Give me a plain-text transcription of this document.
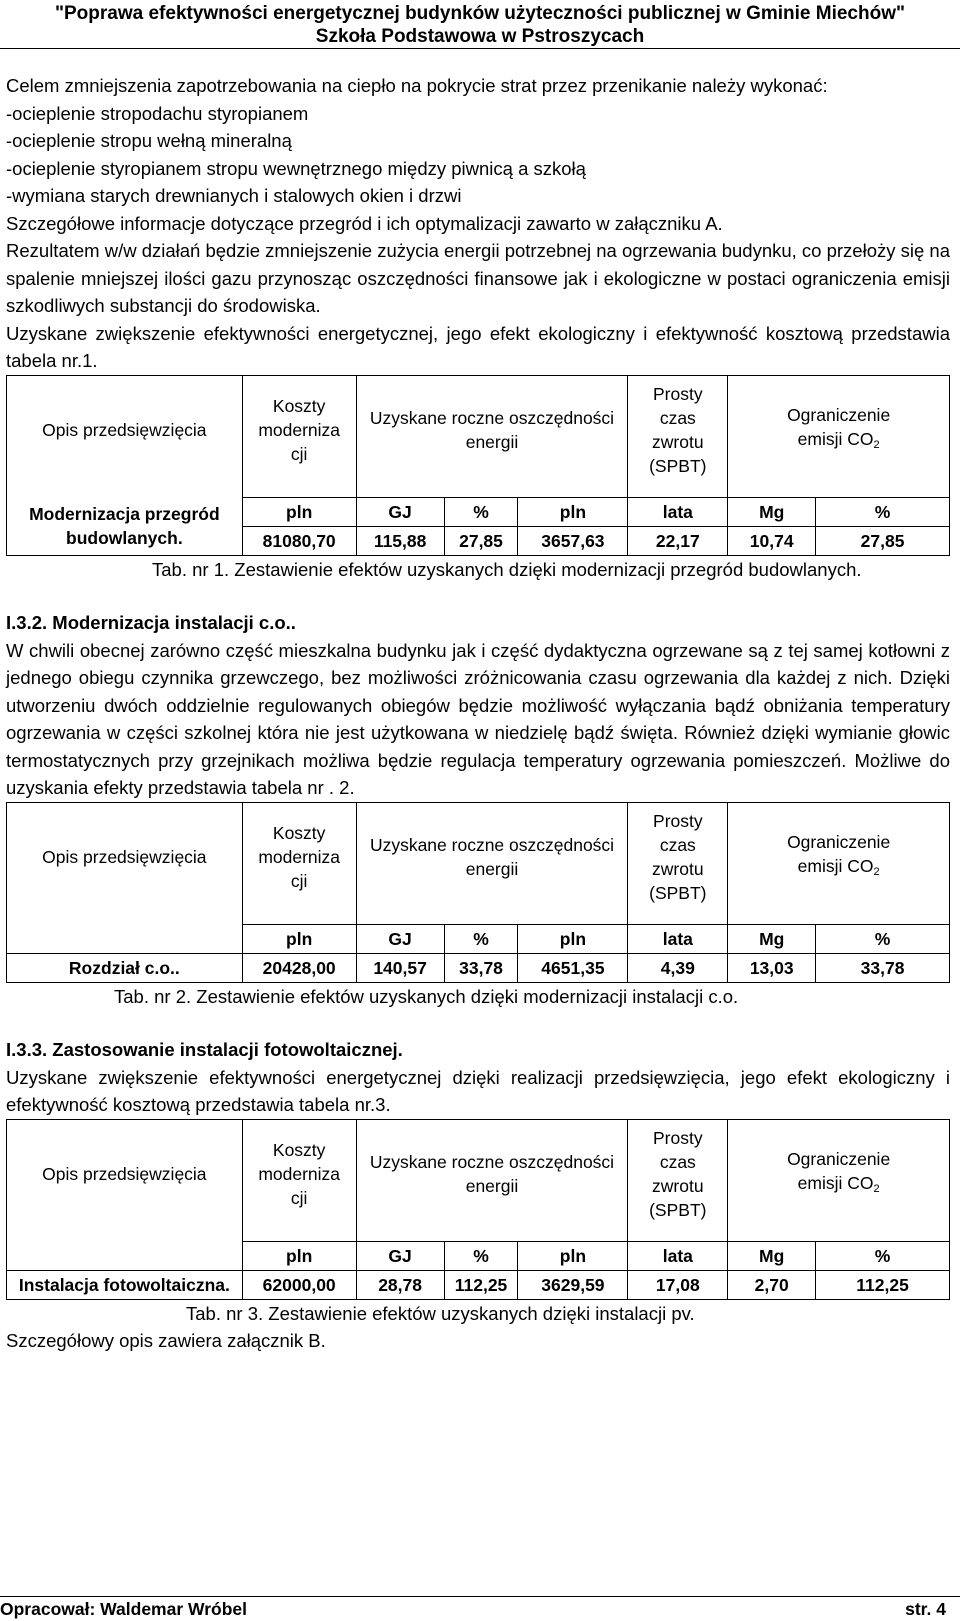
"Poprawa efektywności energetycznej budynków użyteczności publicznej w Gminie Miechów"
Szkoła Podstawowa w Pstroszycach

Celem zmniejszenia zapotrzebowania na ciepło na pokrycie strat przez przenikanie należy wykonać:

-ocieplenie stropodachu styropianem

-ocieplenie stropu wełną mineralną

-ocieplenie styropianem stropu wewnętrznego między piwnicą a szkołą

-wymiana starych drewnianych i stalowych okien i drzwi

Szczegółowe informacje dotyczące przegród i ich optymalizacji zawarto w załączniku A.

Rezultatem w/w działań będzie zmniejszenie zużycia energii potrzebnej na ogrzewania budynku, co przełoży się na spalenie mniejszej ilości gazu przynosząc oszczędności finansowe jak i ekologiczne w postaci ograniczenia emisji szkodliwych substancji do środowiska.

Uzyskane zwiększenie efektywności energetycznej, jego efekt ekologiczny i efektywność kosztową przedstawia tabela nr.1.

Opis przedsięwzięcia	Koszty
moderniza
cji	Uzyskane roczne oszczędności
energii			Prosty
czas
zwrotu
(SPBT)	Ograniczenie
emisji $CO_2$

Modernizacja przegród
budowlanych.	pln	GJ	%	pln	lata	Mg	%
	81080,70	115,88	27,85	3657,63	22,17	10,74	27,85

Tab. nr 1. Zestawienie efektów uzyskanych dzięki modernizacji przegród budowlanych.

I.3.2. Modernizacja instalacji c.o..

W chwili obecnej zarówno część mieszkalna budynku jak i część dydaktyczna ogrzewane są z tej samej kotłowni z jednego obiegu czynnika grzewczego, bez możliwości zróżnicowania czasu ogrzewania dla każdej z nich. Dzięki utworzeniu dwóch oddzielnie regulowanych obiegów będzie możliwość wyłączania bądź obniżania temperatury ogrzewania w części szkolnej która nie jest użytkowana w niedzielę bądź święta. Również dzięki wymianie głowic termostatycznych przy grzejnikach możliwa będzie regulacja temperatury ogrzewania pomieszczeń. Możliwe do uzyskania efekty przedstawia tabela nr . 2.

Opis przedsięwzięcia	Koszty
moderniza
cji	Uzyskane roczne oszczędności
energii			Prosty
czas
zwrotu
(SPBT)	Ograniczenie
emisji $CO_2$

	pln	GJ	%	pln	lata	Mg	%
Rozdział c.o..	20428,00	140,57	33,78	4651,35	4,39	13,03	33,78

Tab. nr 2. Zestawienie efektów uzyskanych dzięki modernizacji instalacji c.o.

I.3.3. Zastosowanie instalacji fotowoltaicznej.

Uzyskane zwiększenie efektywności energetycznej dzięki realizacji przedsięwzięcia, jego efekt ekologiczny i efektywność kosztową przedstawia tabela nr.3.

Opis przedsięwzięcia	Koszty
moderniza
cji	Uzyskane roczne oszczędności
energii			Prosty
czas
zwrotu
(SPBT)	Ograniczenie
emisji $CO_2$

	pln	GJ	%	pln	lata	Mg	%
Instalacja fotowoltaiczna.	62000,00	28,78	112,25	3629,59	17,08	2,70	112,25

Tab. nr 3. Zestawienie efektów uzyskanych dzięki instalacji pv.

Szczegółowy opis zawiera załącznik B.

Opracował: Waldemar Wróbel	str. 4
